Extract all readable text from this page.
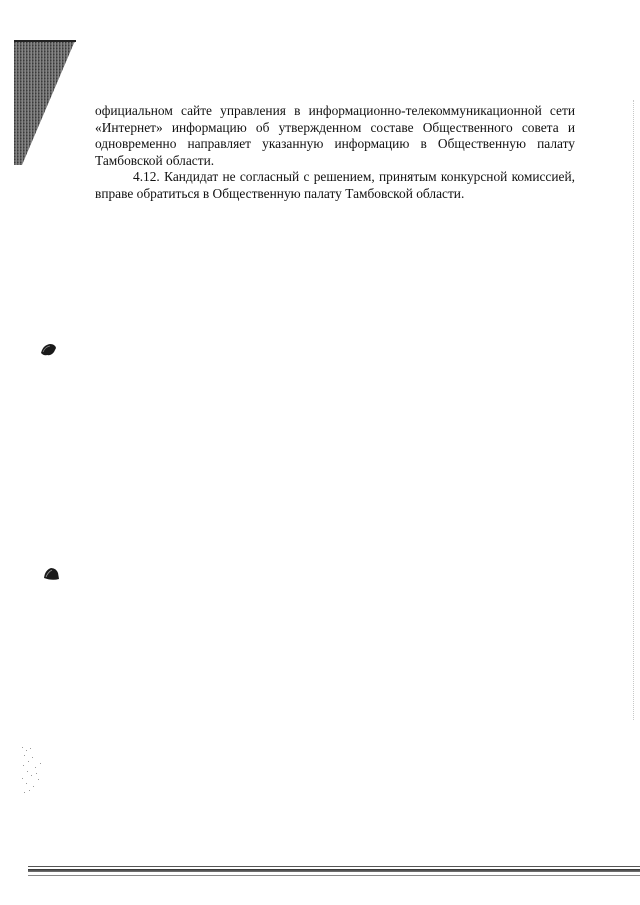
официальном сайте управления в информационно-телекоммуникационной сети «Интернет» информацию об утвержденном составе Общественного совета и одновременно направляет указанную информацию в Общественную палату Тамбовской области.

4.12. Кандидат не согласный с решением, принятым конкурсной комиссией, вправе обратиться в Общественную палату Тамбовской области.
